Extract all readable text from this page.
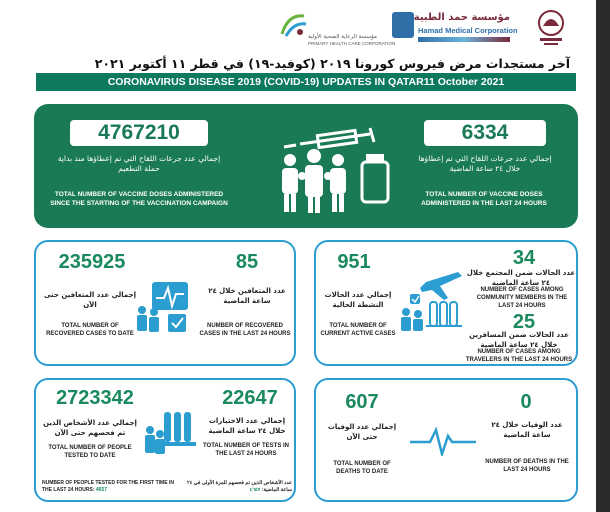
مؤسسة حمد الطبية
Hamad Medical Corporation
مؤسسة الرعاية الصحية الأولية
PRIMARY HEALTH CARE CORPORATION
آخر مستجدات مرض فيروس كورونا ٢٠١٩ (كوفيد-١٩) في قطر ١١ أكتوبر ٢٠٢١
CORONAVIRUS DISEASE 2019 (COVID-19) UPDATES IN QATAR11 October 2021
4767210
إجمالي عدد جرعات اللقاح التي تم إعطاؤها منذ بداية حملة التطعيم
TOTAL NUMBER OF VACCINE DOSES ADMINISTERED SINCE THE STARTING OF THE VACCINATION CAMPAIGN
6334
إجمالي عدد جرعات اللقاح التي تم إعطاؤها خلال ٢٤ ساعة الماضية
TOTAL NUMBER OF VACCINE DOSES ADMINISTERED IN THE LAST 24 HOURS
235925
إجمالي عدد المتعافين حتى الآن
TOTAL NUMBER OF RECOVERED CASES TO DATE
85
عدد المتعافين خلال ٢٤ ساعة الماضية
NUMBER OF RECOVERED CASES IN THE LAST 24 HOURS
951
إجمالي عدد الحالات النشطة الحالية
TOTAL NUMBER OF CURRENT ACTIVE CASES
34
عدد الحالات ضمن المجتمع خلال ٢٤ ساعة الماضية
NUMBER OF CASES AMONG COMMUNITY MEMBERS IN THE LAST 24 HOURS
25
عدد الحالات ضمن المسافرين خلال ٢٤ ساعة الماضية
NUMBER OF CASES AMONG TRAVELERS IN THE LAST 24 HOURS
2723342
إجمالي عدد الأشخاص الذين تم فحصهم حتى الآن
TOTAL NUMBER OF PEOPLE TESTED TO DATE
22647
إجمالي عدد الاختبارات خلال ٢٤ ساعة الماضية
TOTAL NUMBER OF TESTS IN THE LAST 24 HOURS
NUMBER OF PEOPLE TESTED FOR THE FIRST TIME IN THE LAST 24 HOURS: 4657
عدد الأشخاص الذين تم فحصهم للمرة الأولى في ٢٤ ساعة الماضية: ٤٦٥٧
607
إجمالي عدد الوفيات حتى الآن
TOTAL NUMBER OF DEATHS TO DATE
0
عدد الوفيات خلال ٢٤ ساعة الماضية
NUMBER OF DEATHS IN THE LAST 24 HOURS
